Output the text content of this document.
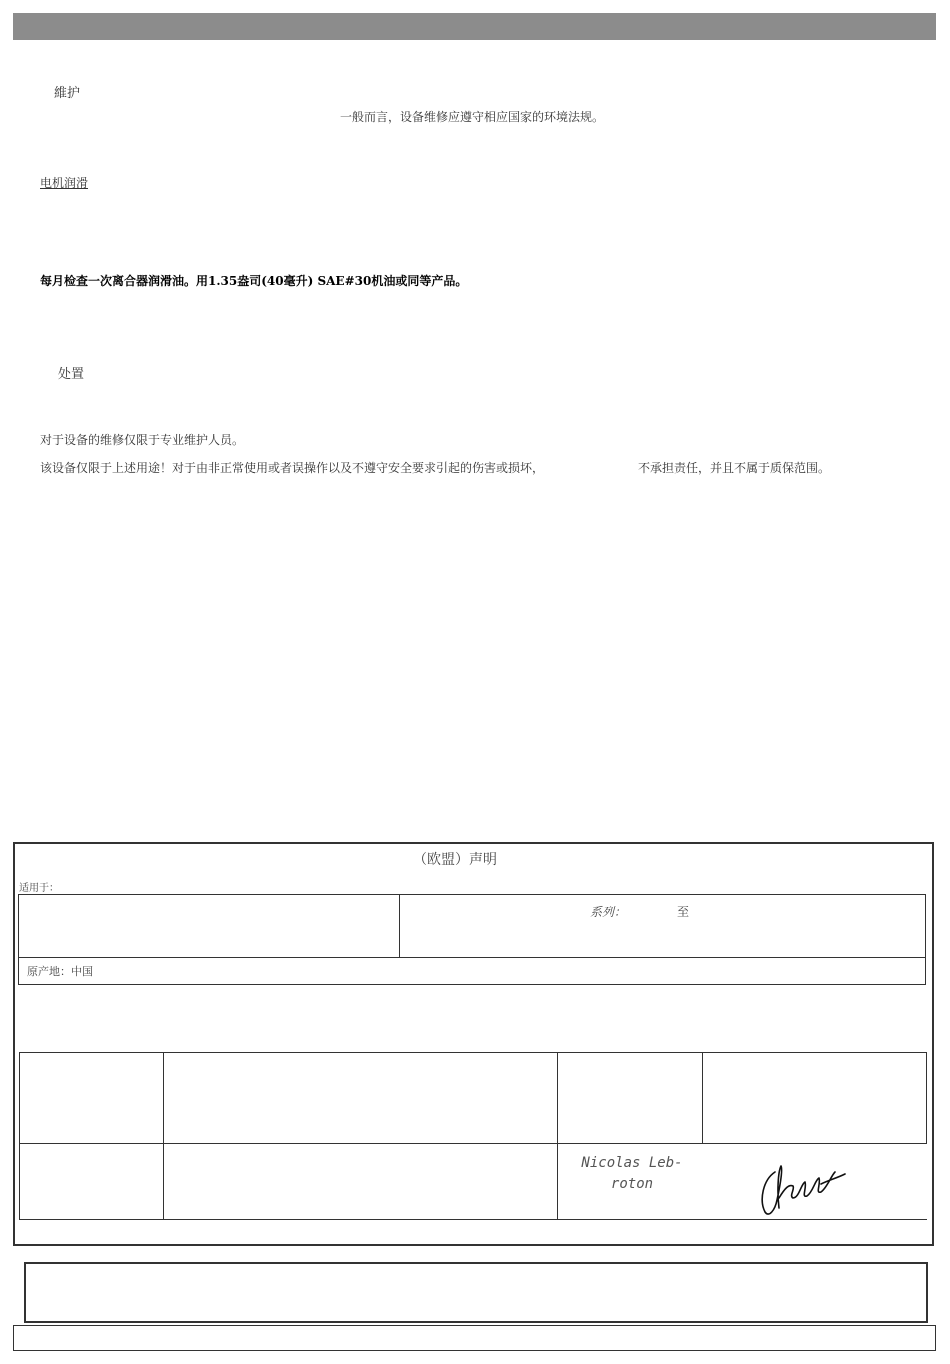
維护
一般而言，设备维修应遵守相应国家的环境法规。
电机润滑
每月检查一次离合器润滑油。用1.35盎司(40毫升) SAE#30机油或同等产品。
处置
对于设备的维修仅限于专业维护人员。
该设备仅限于上述用途！对于由非正常使用或者误操作以及不遵守安全要求引起的伤害或损坏，	不承担责任，并且不属于质保范围。
（欧盟）声明
适用于：
系列：	至
原产地：中国
Nicolas Leb-
roton
